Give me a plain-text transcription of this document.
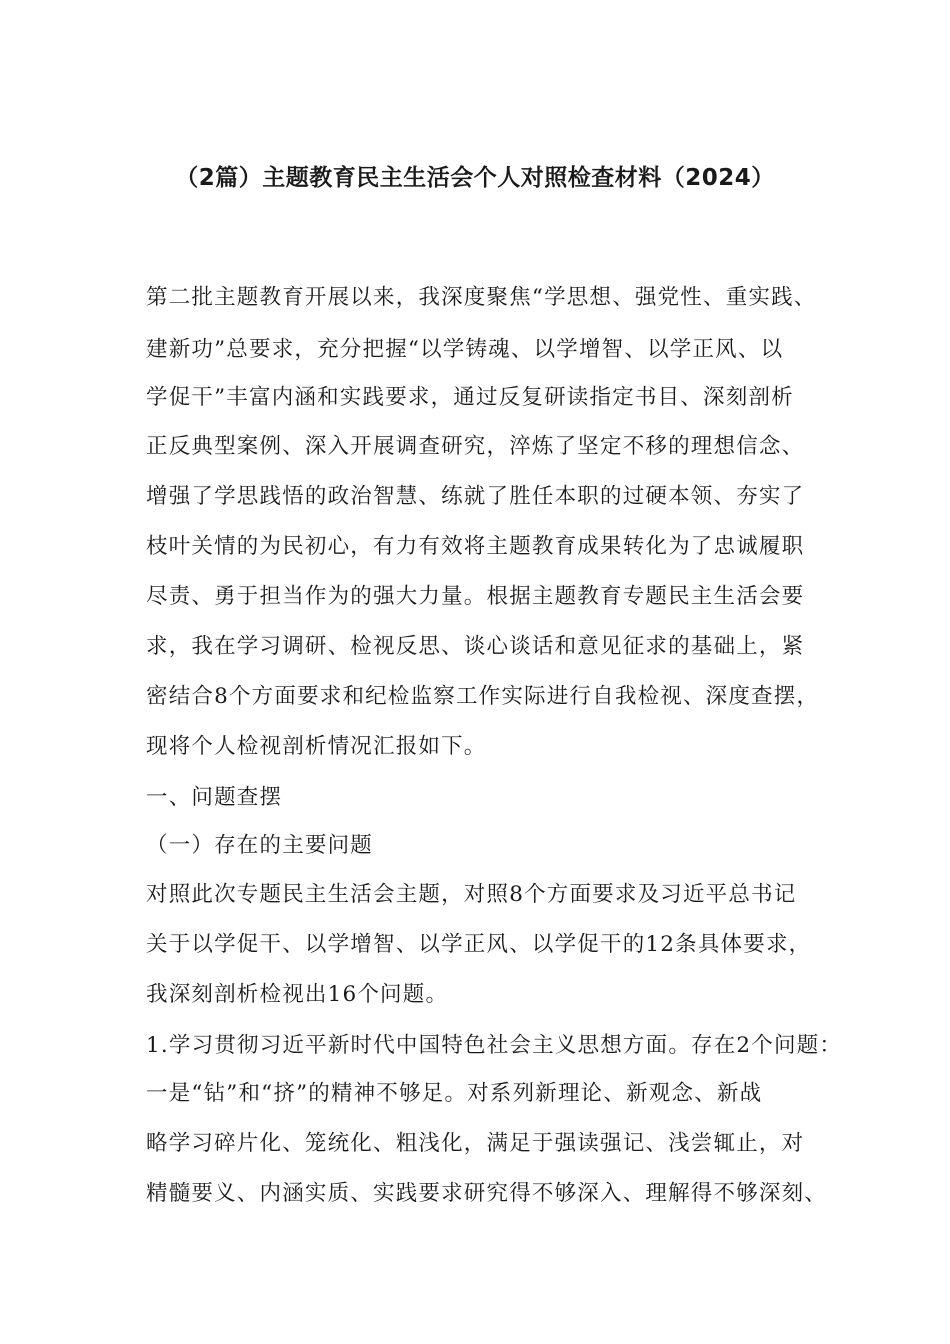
（2篇）主题教育民主生活会个人对照检查材料（2024）
第二批主题教育开展以来，我深度聚焦“学思想、强党性、重实践、
建新功”总要求，充分把握“以学铸魂、以学增智、以学正风、以
学促干”丰富内涵和实践要求，通过反复研读指定书目、深刻剖析
正反典型案例、深入开展调查研究，淬炼了坚定不移的理想信念、
增强了学思践悟的政治智慧、练就了胜任本职的过硬本领、夯实了
枝叶关情的为民初心，有力有效将主题教育成果转化为了忠诚履职
尽责、勇于担当作为的强大力量。根据主题教育专题民主生活会要
求，我在学习调研、检视反思、谈心谈话和意见征求的基础上，紧
密结合8个方面要求和纪检监察工作实际进行自我检视、深度查摆，
现将个人检视剖析情况汇报如下。
一、问题查摆
（一）存在的主要问题
对照此次专题民主生活会主题，对照8个方面要求及习近平总书记
关于以学促干、以学增智、以学正风、以学促干的12条具体要求，
我深刻剖析检视出16个问题。
1.学习贯彻习近平新时代中国特色社会主义思想方面。存在2个问题：
一是“钻”和“挤”的精神不够足。对系列新理论、新观念、新战
略学习碎片化、笼统化、粗浅化，满足于强读强记、浅尝辄止，对
精髓要义、内涵实质、实践要求研究得不够深入、理解得不够深刻、
